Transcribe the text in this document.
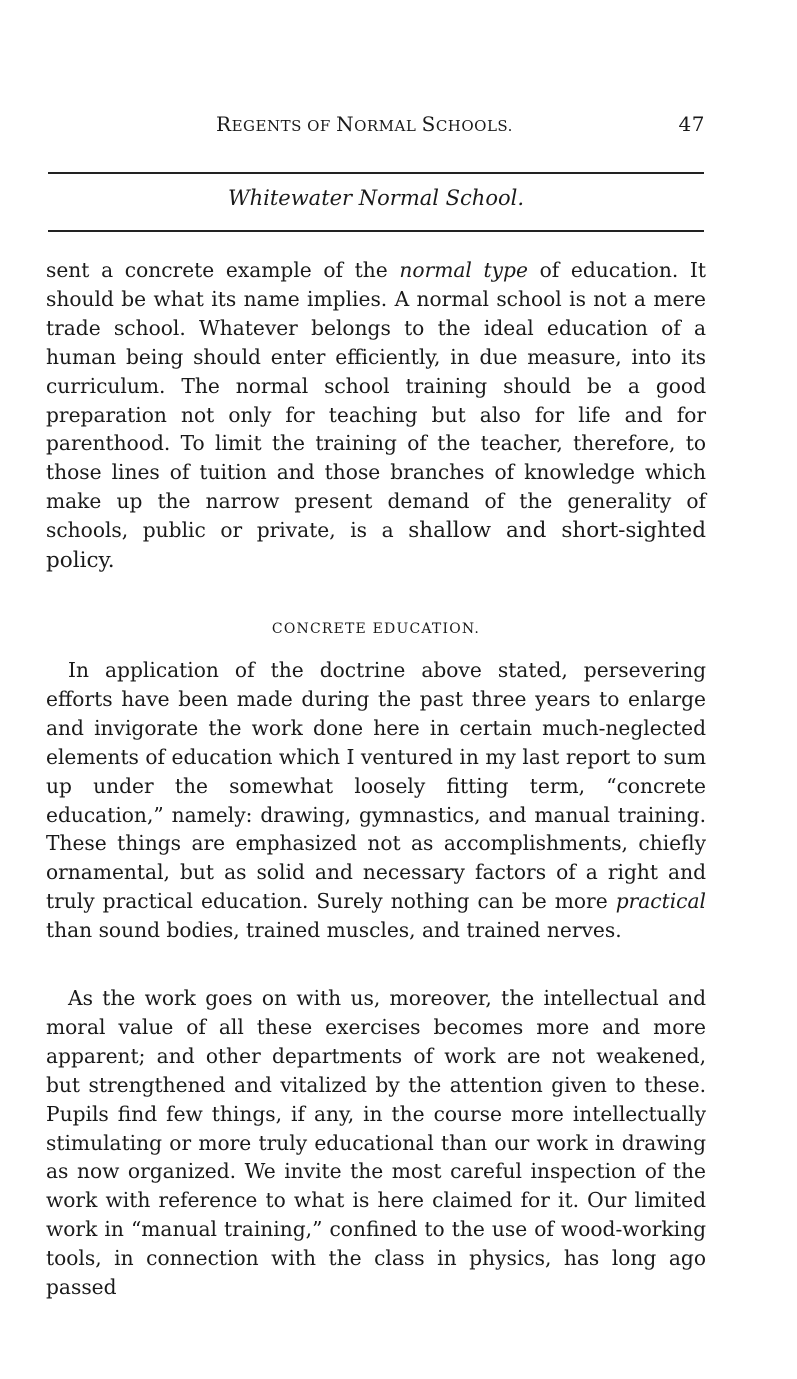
REGENTS OF NORMAL SCHOOLS.	47
Whitewater Normal School.

sent a concrete example of the normal type of education. It should be what its name implies. A normal school is not a mere trade school. Whatever belongs to the ideal education of a human being should enter efficiently, in due measure, into its curriculum. The normal school training should be a good preparation not only for teaching but also for life and for parenthood. To limit the training of the teacher, therefore, to those lines of tuition and those branches of knowledge which make up the narrow present demand of the generality of schools, public or private, is a shallow and short-sighted policy.

CONCRETE EDUCATION.

In application of the doctrine above stated, persevering efforts have been made during the past three years to enlarge and invigorate the work done here in certain much-neglected elements of education which I ventured in my last report to sum up under the somewhat loosely fitting term, “concrete education,” namely: drawing, gymnastics, and manual training. These things are emphasized not as accomplishments, chiefly ornamental, but as solid and necessary factors of a right and truly practical education. Surely nothing can be more practical than sound bodies, trained muscles, and trained nerves.

As the work goes on with us, moreover, the intellectual and moral value of all these exercises becomes more and more apparent; and other departments of work are not weakened, but strengthened and vitalized by the attention given to these. Pupils find few things, if any, in the course more intellectually stimulating or more truly educational than our work in drawing as now organized. We invite the most careful inspection of the work with reference to what is here claimed for it. Our limited work in “manual training,” confined to the use of wood-working tools, in connection with the class in physics, has long ago passed
